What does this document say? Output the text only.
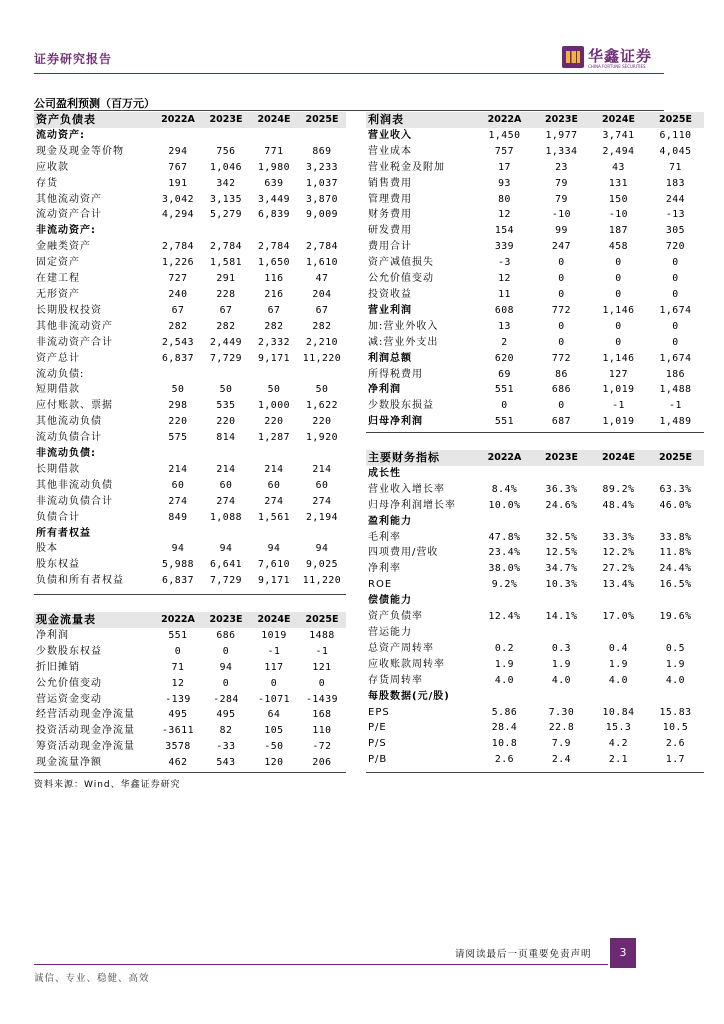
证券研究报告	华鑫证券
CHINA FORTUNE SECURITIES
公司盈利预测（百万元）
资产负债表	2022A	2023E	2024E	2025E
流动资产:				
现金及现金等价物	294	756	771	869
应收款	767	1,046	1,980	3,233
存货	191	342	639	1,037
其他流动资产	3,042	3,135	3,449	3,870
流动资产合计	4,294	5,279	6,839	9,009
非流动资产:				
金融类资产	2,784	2,784	2,784	2,784
固定资产	1,226	1,581	1,650	1,610
在建工程	727	291	116	47
无形资产	240	228	216	204
长期股权投资	67	67	67	67
其他非流动资产	282	282	282	282
非流动资产合计	2,543	2,449	2,332	2,210
资产总计	6,837	7,729	9,171	11,220
流动负债:				
短期借款	50	50	50	50
应付账款、票据	298	535	1,000	1,622
其他流动负债	220	220	220	220
流动负债合计	575	814	1,287	1,920
非流动负债:				
长期借款	214	214	214	214
其他非流动负债	60	60	60	60
非流动负债合计	274	274	274	274
负债合计	849	1,088	1,561	2,194
所有者权益				
股本	94	94	94	94
股东权益	5,988	6,641	7,610	9,025
负债和所有者权益	6,837	7,729	9,171	11,220
现金流量表	2022A	2023E	2024E	2025E
净利润	551	686	1019	1488
少数股东权益	0	0	-1	-1
折旧摊销	71	94	117	121
公允价值变动	12	0	0	0
营运资金变动	-139	-284	-1071	-1439
经营活动现金净流量	495	495	64	168
投资活动现金净流量	-3611	82	105	110
筹资活动现金净流量	3578	-33	-50	-72
现金流量净额	462	543	120	206
利润表	2022A	2023E	2024E	2025E
营业收入	1,450	1,977	3,741	6,110
营业成本	757	1,334	2,494	4,045
营业税金及附加	17	23	43	71
销售费用	93	79	131	183
管理费用	80	79	150	244
财务费用	12	-10	-10	-13
研发费用	154	99	187	305
费用合计	339	247	458	720
资产减值损失	-3	0	0	0
公允价值变动	12	0	0	0
投资收益	11	0	0	0
营业利润	608	772	1,146	1,674
加:营业外收入	13	0	0	0
减:营业外支出	2	0	0	0
利润总额	620	772	1,146	1,674
所得税费用	69	86	127	186
净利润	551	686	1,019	1,488
少数股东损益	0	0	-1	-1
归母净利润	551	687	1,019	1,489
主要财务指标	2022A	2023E	2024E	2025E
成长性				
营业收入增长率	8.4%	36.3%	89.2%	63.3%
归母净利润增长率	10.0%	24.6%	48.4%	46.0%
盈利能力				
毛利率	47.8%	32.5%	33.3%	33.8%
四项费用/营收	23.4%	12.5%	12.2%	11.8%
净利率	38.0%	34.7%	27.2%	24.4%
ROE	9.2%	10.3%	13.4%	16.5%
偿债能力				
资产负债率	12.4%	14.1%	17.0%	19.6%
营运能力				
总资产周转率	0.2	0.3	0.4	0.5
应收账款周转率	1.9	1.9	1.9	1.9
存货周转率	4.0	4.0	4.0	4.0
每股数据(元/股)				
EPS	5.86	7.30	10.84	15.83
P/E	28.4	22.8	15.3	10.5
P/S	10.8	7.9	4.2	2.6
P/B	2.6	2.4	2.1	1.7
资料来源：Wind、华鑫证券研究
请阅读最后一页重要免责声明	3
诚信、专业、稳健、高效
